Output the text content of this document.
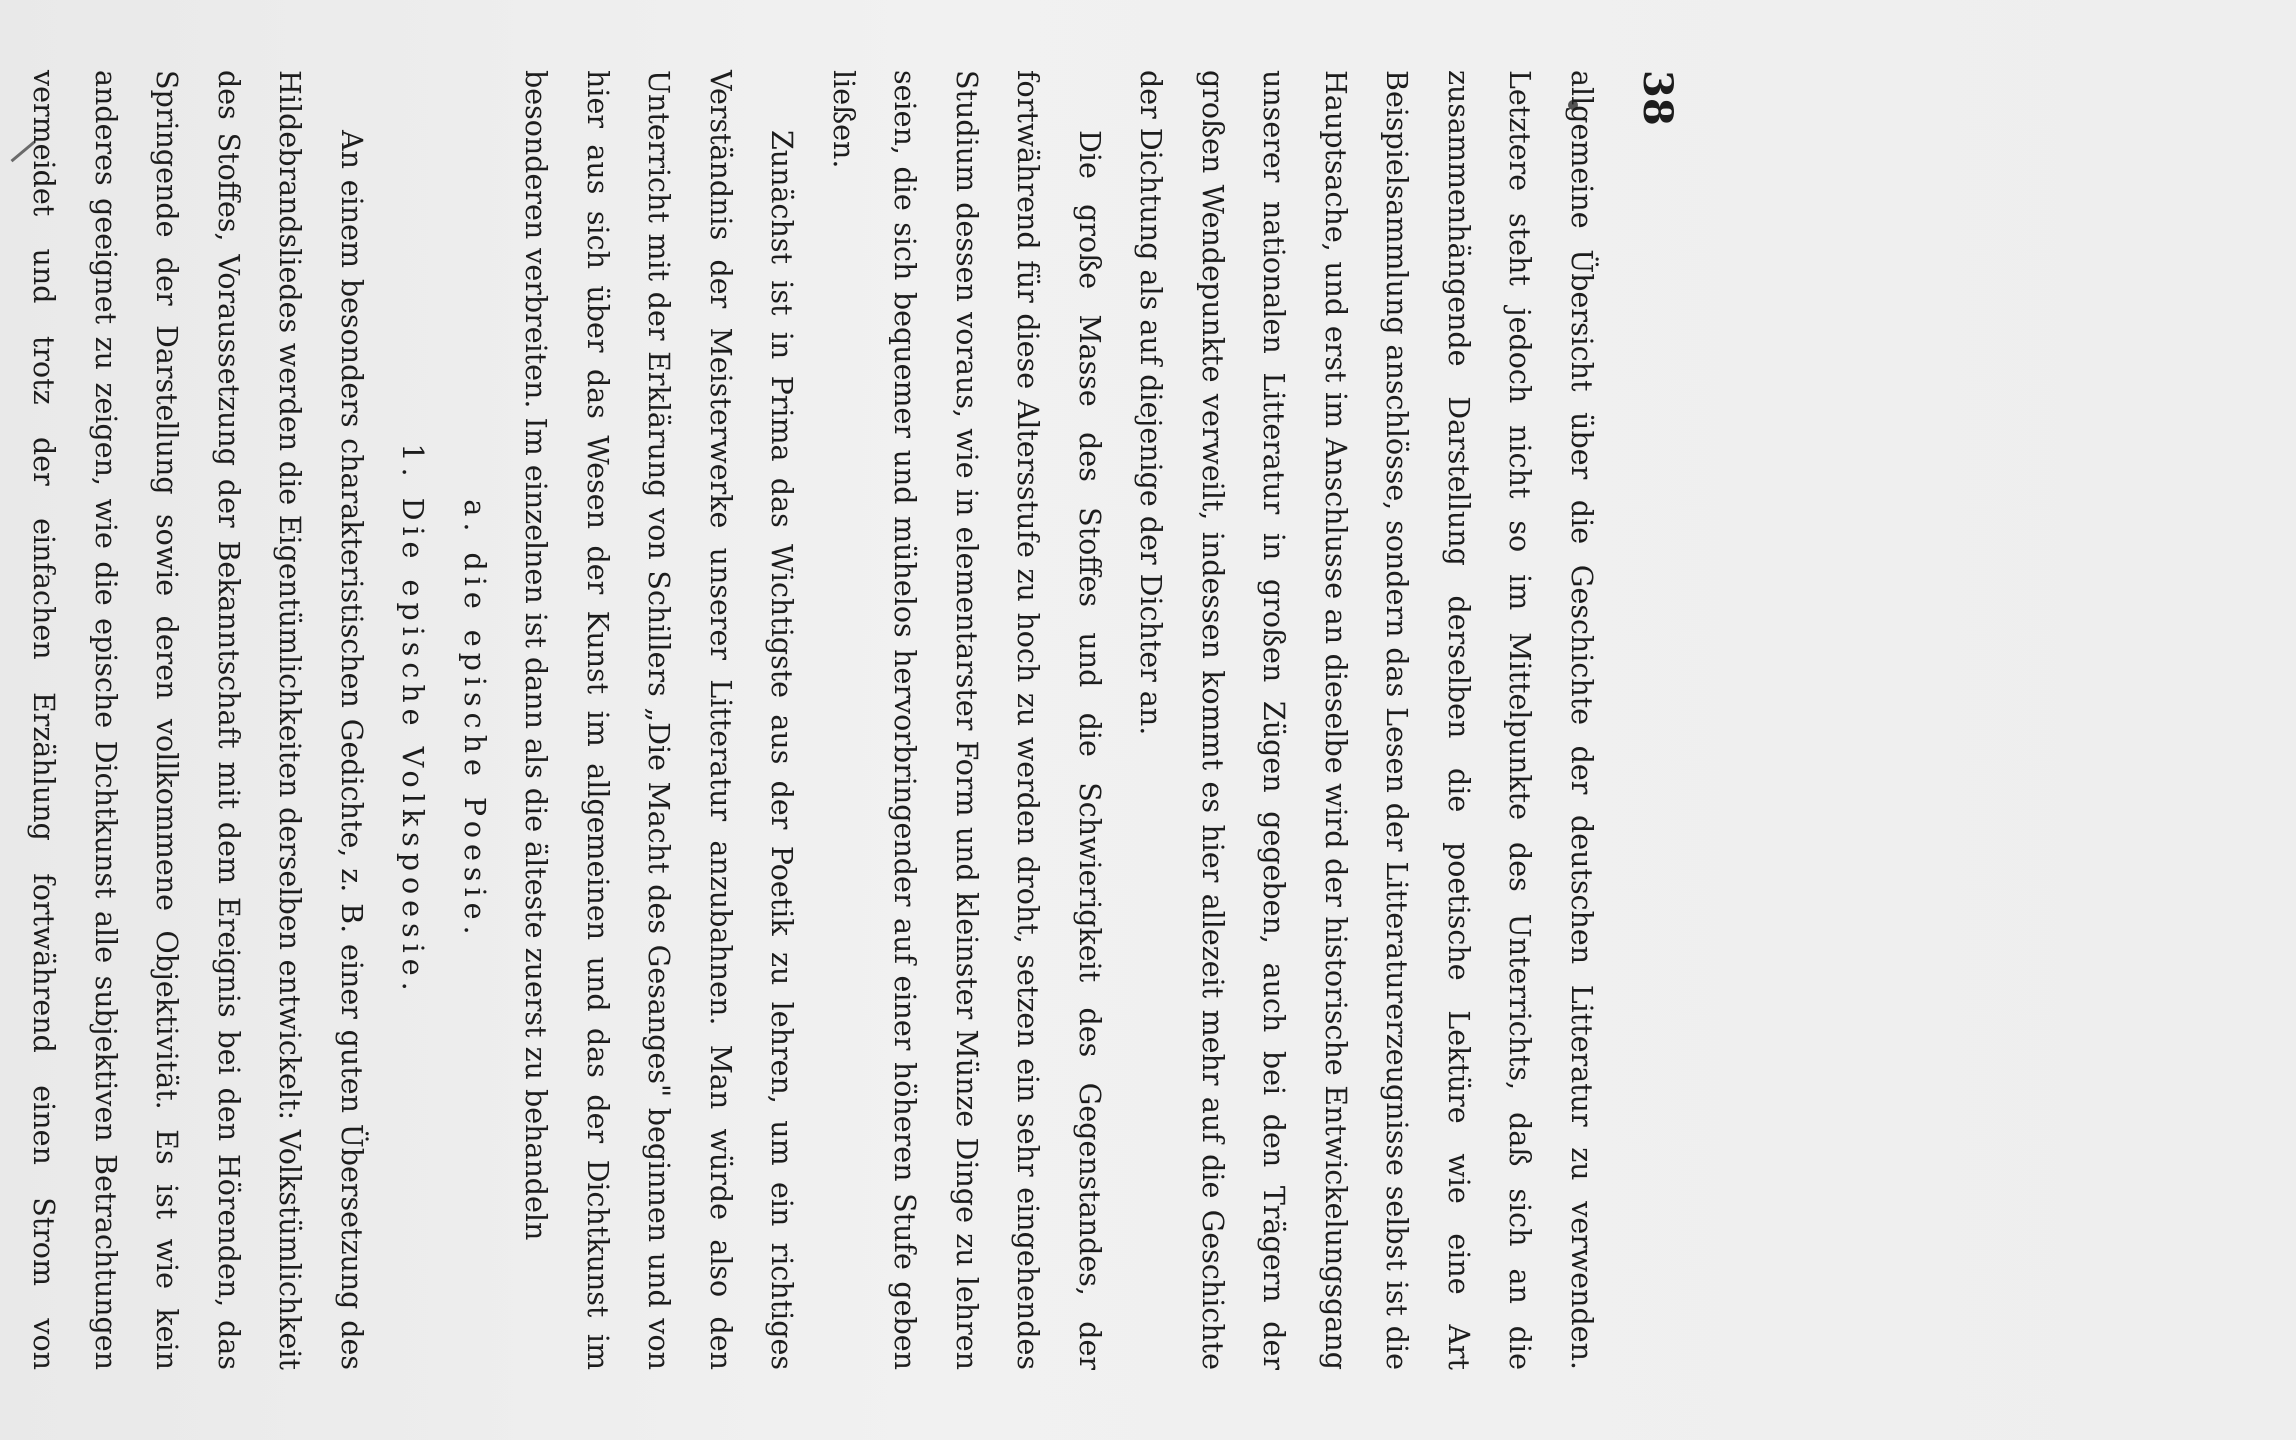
38

allgemeine Übersicht über die Geschichte der deutschen Litteratur zu verwenden. Letztere steht jedoch nicht so im Mittelpunkte des Unterrichts, daß sich an die zusammenhängende Darstellung derselben die poetische Lektüre wie eine Art Beispielsammlung anschlösse, sondern das Lesen der Litteraturerzeugnisse selbst ist die Hauptsache, und erst im Anschlusse an dieselbe wird der historische Entwickelungsgang unserer nationalen Litteratur in großen Zügen gegeben, auch bei den Trägern der großen Wendepunkte verweilt, indessen kommt es hier allezeit mehr auf die Geschichte der Dichtung als auf diejenige der Dichter an.

Die große Masse des Stoffes und die Schwierigkeit des Gegenstandes, der fortwährend für diese Altersstufe zu hoch zu werden droht, setzen ein sehr eingehendes Studium dessen voraus, wie in elementarster Form und kleinster Münze Dinge zu lehren seien, die sich bequemer und mühelos hervorbringender auf einer höheren Stufe geben ließen.

Zunächst ist in Prima das Wichtigste aus der Poetik zu lehren, um ein richtiges Verständnis der Meisterwerke unserer Litteratur anzubahnen. Man würde also den Unterricht mit der Erklärung von Schillers „Die Macht des Gesanges" beginnen und von hier aus sich über das Wesen der Kunst im allgemeinen und das der Dichtkunst im besonderen verbreiten. Im einzelnen ist dann als die älteste zuerst zu behandeln

a. die epische Poesie.

1. Die epische Volkspoesie.

An einem besonders charakteristischen Gedichte, z. B. einer guten Übersetzung des Hildebrandsliedes werden die Eigentümlichkeiten derselben entwickelt: Volkstümlichkeit des Stoffes, Voraussetzung der Bekanntschaft mit dem Ereignis bei den Hörenden, das Springende der Darstellung sowie deren vollkommene Objektivität. Es ist wie kein anderes geeignet zu zeigen, wie die epische Dichtkunst alle subjektiven Betrachtungen vermeidet und trotz der einfachen Erzählung fortwährend einen Strom von
